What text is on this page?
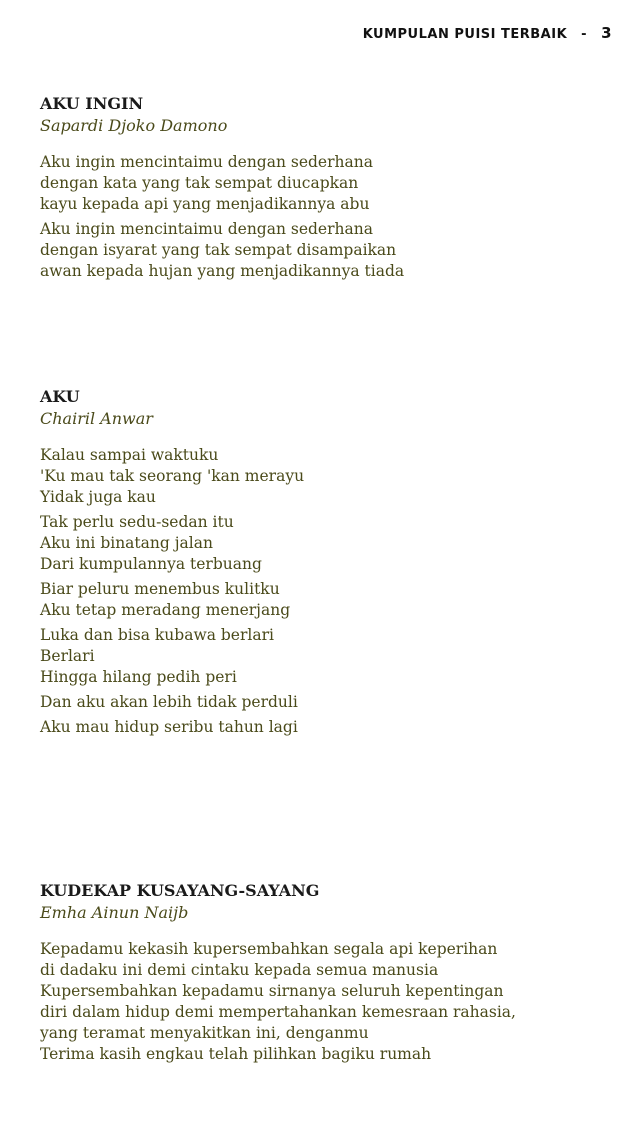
KUMPULAN PUISI TERBAIK - 3

AKU INGIN

Sapardi Djoko Damono

Aku ingin mencintaimu dengan sederhana
dengan kata yang tak sempat diucapkan
kayu kepada api yang menjadikannya abu
Aku ingin mencintaimu dengan sederhana
dengan isyarat yang tak sempat disampaikan
awan kepada hujan yang menjadikannya tiada

AKU

Chairil Anwar

Kalau sampai waktuku
'Ku mau tak seorang 'kan merayu
Yidak juga kau
Tak perlu sedu-sedan itu
Aku ini binatang jalan
Dari kumpulannya terbuang
Biar peluru menembus kulitku
Aku tetap meradang menerjang
Luka dan bisa kubawa berlari
Berlari
Hingga hilang pedih peri
Dan aku akan lebih tidak perduli
Aku mau hidup seribu tahun lagi

KUDEKAP KUSAYANG-SAYANG

Emha Ainun Naijb

Kepadamu kekasih kupersembahkan segala api keperihan
di dadaku ini demi cintaku kepada semua manusia
Kupersembahkan kepadamu sirnanya seluruh kepentingan
diri dalam hidup demi mempertahankan kemesraan rahasia,
yang teramat menyakitkan ini, denganmu
Terima kasih engkau telah pilihkan bagiku rumah
